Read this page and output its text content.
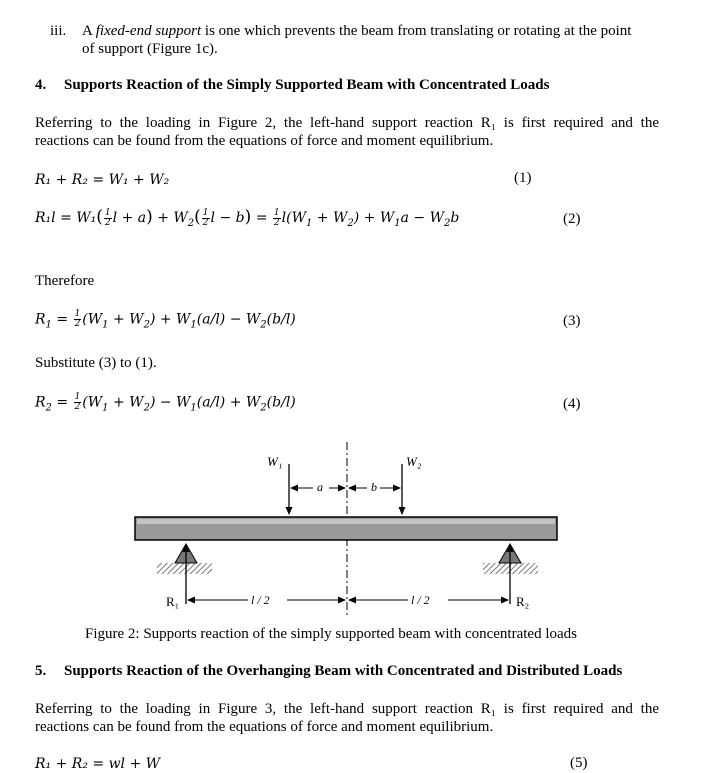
iii. A fixed-end support is one which prevents the beam from translating or rotating at the point
of support (Figure 1c).
4. Supports Reaction of the Simply Supported Beam with Concentrated Loads
Referring to the loading in Figure 2, the left-hand support reaction R₁ is first required and the
reactions can be found from the equations of force and moment equilibrium.
R₁ + R₂ = W₁ + W₂	(1)
$R_1l = W_1( \frac{1}{2}$ $l + a) + W_2( \frac{1}{2}$ $l - b) = \frac{1}{2} l(W_1 + W_2) + W_1a - W_2b$	(2)
Therefore
$R_1 = \frac{1}{2} (W_1 + W_2) + W_1(a/l) - W_2(b/l)$	(3)
Substitute (3) to (1).
$R_2 = \frac{1}{2} (W_1 + W_2) - W_1(a/l) + W_2(b/l)$	(4)
W₁	W₂
a	b
R₁	R₂
l / 2	l / 2
Figure 2: Supports reaction of the simply supported beam with concentrated loads
5. Supports Reaction of the Overhanging Beam with Concentrated and Distributed Loads
Referring to the loading in Figure 3, the left-hand support reaction R₁ is first required and the
reactions can be found from the equations of force and moment equilibrium.
R₁ + R₂ = wl + W	(5)
